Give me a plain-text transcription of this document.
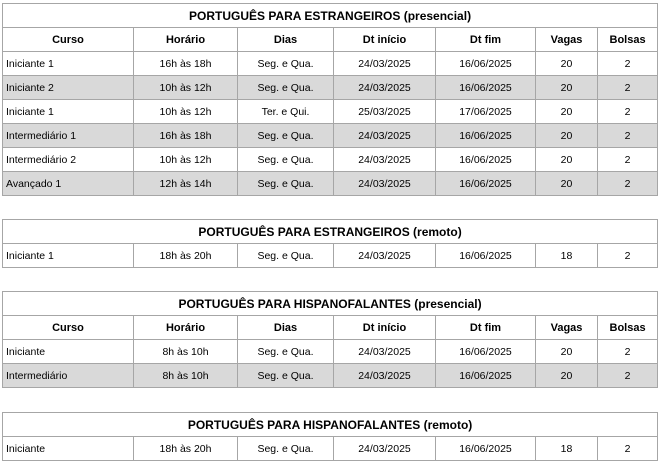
PORTUGUÊS PARA ESTRANGEIROS (presencial)						
Curso	Horário	Dias	Dt início	Dt fim	Vagas	Bolsas
Iniciante 1	16h às 18h	Seg. e Qua.	24/03/2025	16/06/2025	20	2
Iniciante 2	10h às 12h	Seg. e Qua.	24/03/2025	16/06/2025	20	2
Iniciante 1	10h às 12h	Ter. e Qui.	25/03/2025	17/06/2025	20	2
Intermediário 1	16h às 18h	Seg. e Qua.	24/03/2025	16/06/2025	20	2
Intermediário 2	10h às 12h	Seg. e Qua.	24/03/2025	16/06/2025	20	2
Avançado 1	12h às 14h	Seg. e Qua.	24/03/2025	16/06/2025	20	2
PORTUGUÊS PARA ESTRANGEIROS (remoto)
Iniciante 1	18h às 20h	Seg. e Qua.	24/03/2025	16/06/2025	18	2
PORTUGUÊS PARA HISPANOFALANTES (presencial)						
Curso	Horário	Dias	Dt início	Dt fim	Vagas	Bolsas
Iniciante	8h às 10h	Seg. e Qua.	24/03/2025	16/06/2025	20	2
Intermediário	8h às 10h	Seg. e Qua.	24/03/2025	16/06/2025	20	2
PORTUGUÊS PARA HISPANOFALANTES (remoto)
Iniciante	18h às 20h	Seg. e Qua.	24/03/2025	16/06/2025	18	2
